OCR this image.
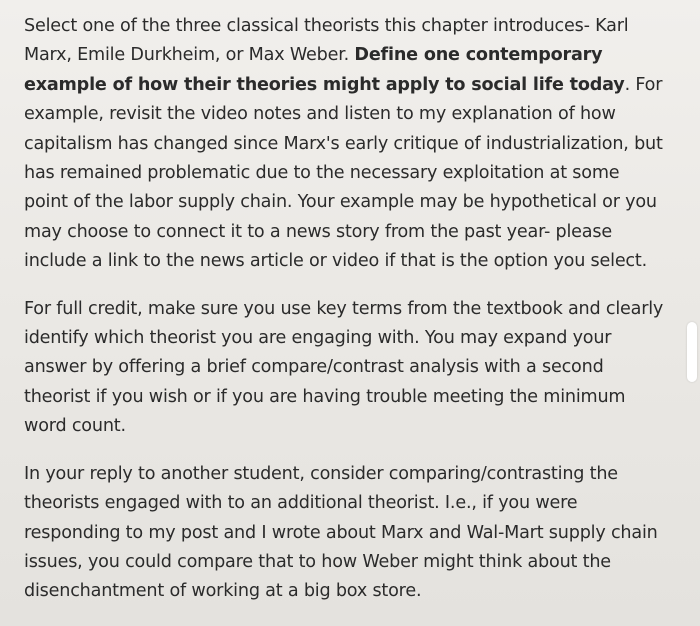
Select one of the three classical theorists this chapter introduces- Karl Marx, Emile Durkheim, or Max Weber. Define one contemporary example of how their theories might apply to social life today. For example, revisit the video notes and listen to my explanation of how capitalism has changed since Marx's early critique of industrialization, but has remained problematic due to the necessary exploitation at some point of the labor supply chain. Your example may be hypothetical or you may choose to connect it to a news story from the past year- please include a link to the news article or video if that is the option you select.

For full credit, make sure you use key terms from the textbook and clearly identify which theorist you are engaging with. You may expand your answer by offering a brief compare/contrast analysis with a second theorist if you wish or if you are having trouble meeting the minimum word count.

In your reply to another student, consider comparing/contrasting the theorists engaged with to an additional theorist. I.e., if you were responding to my post and I wrote about Marx and Wal-Mart supply chain issues, you could compare that to how Weber might think about the disenchantment of working at a big box store.
